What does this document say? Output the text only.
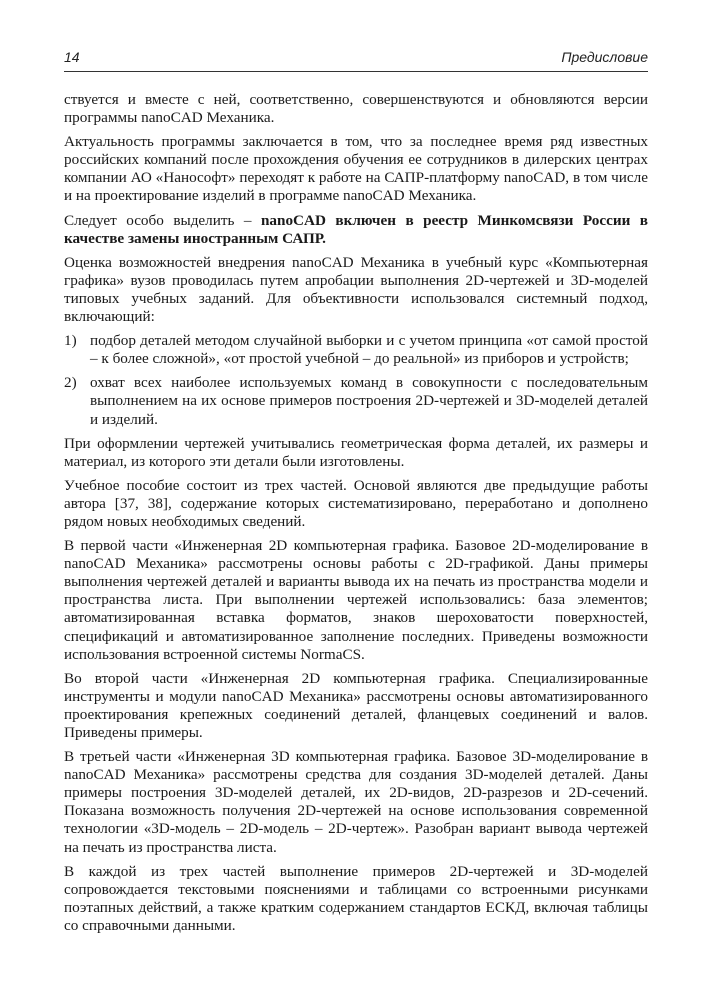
14	Предисловие

ствуется и вместе с ней, соответственно, совершенствуются и обновляются версии программы nanoCAD Механика.

Актуальность программы заключается в том, что за последнее время ряд известных российских компаний после прохождения обучения ее сотрудников в дилерских центрах компании АО «Нанософт» переходят к работе на САПР-платформу nanoCAD, в том числе и на проектирование изделий в программе nanoCAD Механика.

Следует особо выделить – nanoCAD включен в реестр Минкомсвязи России в качестве замены иностранным САПР.

Оценка возможностей внедрения nanoCAD Механика в учебный курс «Компьютерная графика» вузов проводилась путем апробации выполнения 2D-чертежей и 3D-моделей типовых учебных заданий. Для объективности использовался системный подход, включающий:

1) подбор деталей методом случайной выборки и с учетом принципа «от самой простой – к более сложной», «от простой учебной – до реальной» из приборов и устройств;
2) охват всех наиболее используемых команд в совокупности с последовательным выполнением на их основе примеров построения 2D-чертежей и 3D-моделей деталей и изделий.

При оформлении чертежей учитывались геометрическая форма деталей, их размеры и материал, из которого эти детали были изготовлены.

Учебное пособие состоит из трех частей. Основой являются две предыдущие работы автора [37, 38], содержание которых систематизировано, переработано и дополнено рядом новых необходимых сведений.

В первой части «Инженерная 2D компьютерная графика. Базовое 2D-моделирование в nanoCAD Механика» рассмотрены основы работы с 2D-графикой. Даны примеры выполнения чертежей деталей и варианты вывода их на печать из пространства модели и пространства листа. При выполнении чертежей использовались: база элементов; автоматизированная вставка форматов, знаков шероховатости поверхностей, спецификаций и автоматизированное заполнение последних. Приведены возможности использования встроенной системы NormaCS.

Во второй части «Инженерная 2D компьютерная графика. Специализированные инструменты и модули nanoCAD Механика» рассмотрены основы автоматизированного проектирования крепежных соединений деталей, фланцевых соединений и валов. Приведены примеры.

В третьей части «Инженерная 3D компьютерная графика. Базовое 3D-моделирование в nanoCAD Механика» рассмотрены средства для создания 3D-моделей деталей. Даны примеры построения 3D-моделей деталей, их 2D-видов, 2D-разрезов и 2D-сечений. Показана возможность получения 2D-чертежей на основе использования современной технологии «3D-модель – 2D-модель – 2D-чертеж». Разобран вариант вывода чертежей на печать из пространства листа.

В каждой из трех частей выполнение примеров 2D-чертежей и 3D-моделей сопровождается текстовыми пояснениями и таблицами со встроенными рисунками поэтапных действий, а также кратким содержанием стандартов ЕСКД, включая таблицы со справочными данными.
